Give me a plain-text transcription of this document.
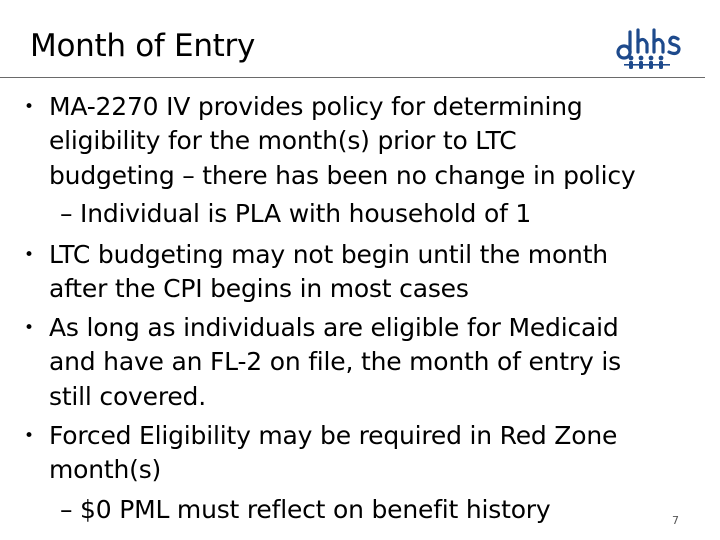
Month of Entry
• MA-2270 IV provides policy for determining
eligibility for the month(s) prior to LTC
budgeting – there has been no change in policy
– Individual is PLA with household of 1
• LTC budgeting may not begin until the month
after the CPI begins in most cases
• As long as individuals are eligible for Medicaid
and have an FL-2 on file, the month of entry is
still covered.
• Forced Eligibility may be required in Red Zone
month(s)
– $0 PML must reflect on benefit history	7
